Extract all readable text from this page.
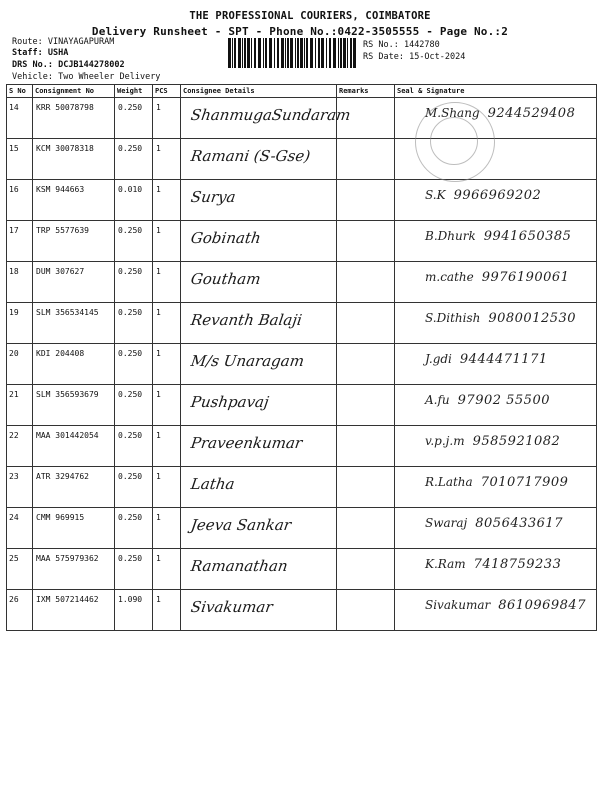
THE PROFESSIONAL COURIERS, COIMBATORE
Delivery Runsheet - SPT - Phone No.:0422-3505555 - Page No.:2
Route: VINAYAGAPURAM
Staff: USHA
DRS No.: DCJB144278002
Vehicle: Two Wheeler Delivery
RS No.: 1442780
RS Date: 15-Oct-2024
S No	Consignment No	Weight	PCS	Consignee Details	Remarks	Seal & Signature
14	KRR 50078798	0.250	1	ShanmugaSundaram		M.Shang 9244529408

15	KCM 30078318	0.250	1	Ramani (S-Gse)		

16	KSM 944663	0.010	1	Surya		S.K 9966969202

17	TRP 5577639	0.250	1	Gobinath		B.Dhurk 9941650385

18	DUM 307627	0.250	1	Goutham		m.cathe 9976190061

19	SLM 356534145	0.250	1	Revanth Balaji		S.Dithish 9080012530

20	KDI 204408	0.250	1	M/s Unaragam		J.gdi 9444471171

21	SLM 356593679	0.250	1	Pushpavaj		A.fu 97902 55500

22	MAA 301442054	0.250	1	Praveenkumar		v.p.j.m 9585921082

23	ATR 3294762	0.250	1	Latha		R.Latha 7010717909

24	CMM 969915	0.250	1	Jeeva Sankar		Swaraj 8056433617

25	MAA 575979362	0.250	1	Ramanathan		K.Ram 7418759233

26	IXM 507214462	1.090	1	Sivakumar		Sivakumar 8610969847
